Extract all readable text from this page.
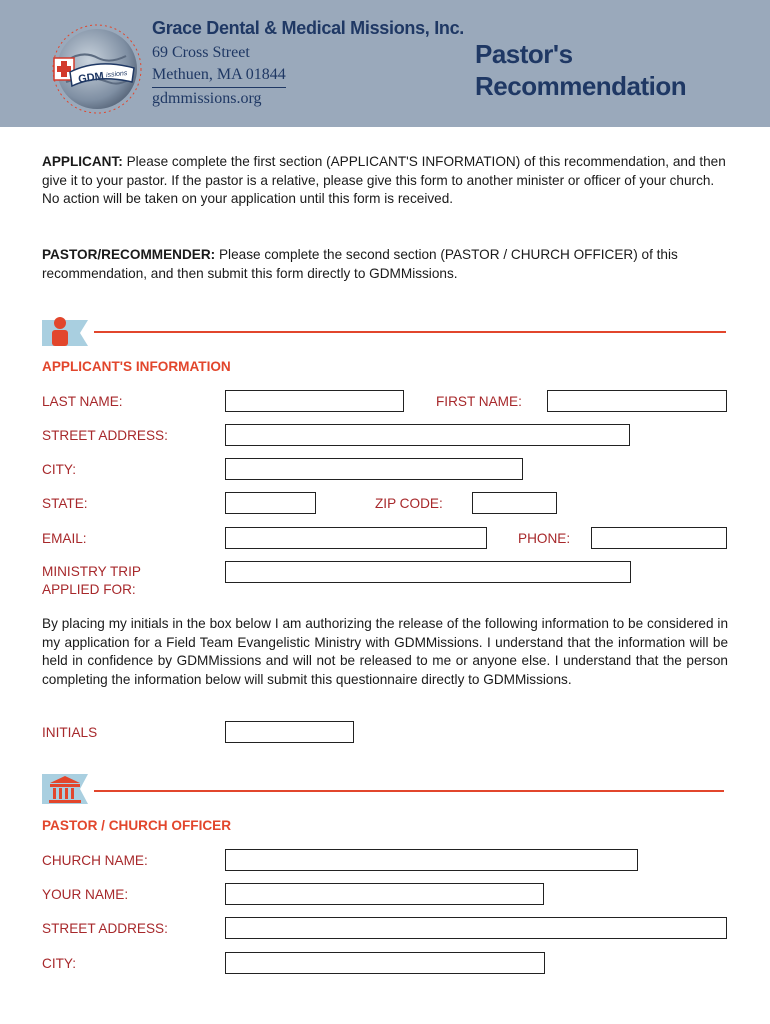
GDM issions
Grace Dental & Medical Missions, Inc.
69 Cross Street
Methuen, MA 01844
gdmmissions.org
Pastor's
Recommendation
APPLICANT: Please complete the first section (APPLICANT'S INFORMATION) of this recommendation, and then give it to your pastor. If the pastor is a relative, please give this form to another minister or officer of your church. No action will be taken on your application until this form is received.
PASTOR/RECOMMENDER: Please complete the second section (PASTOR / CHURCH OFFICER) of this recommendation, and then submit this form directly to GDMMissions.
APPLICANT'S INFORMATION
LAST NAME:	FIRST NAME:
STREET ADDRESS:
CITY:
STATE:	ZIP CODE:
EMAIL:	PHONE:
MINISTRY TRIP
APPLIED FOR:
By placing my initials in the box below I am authorizing the release of the following information to be considered in my application for a Field Team Evangelistic Ministry with GDMMissions. I understand that the information will be held in confidence by GDMMissions and will not be released to me or anyone else. I understand that the person completing the information below will submit this questionnaire directly to GDMMissions.
INITIALS
PASTOR / CHURCH OFFICER
CHURCH NAME:
YOUR NAME:
STREET ADDRESS:
CITY:
